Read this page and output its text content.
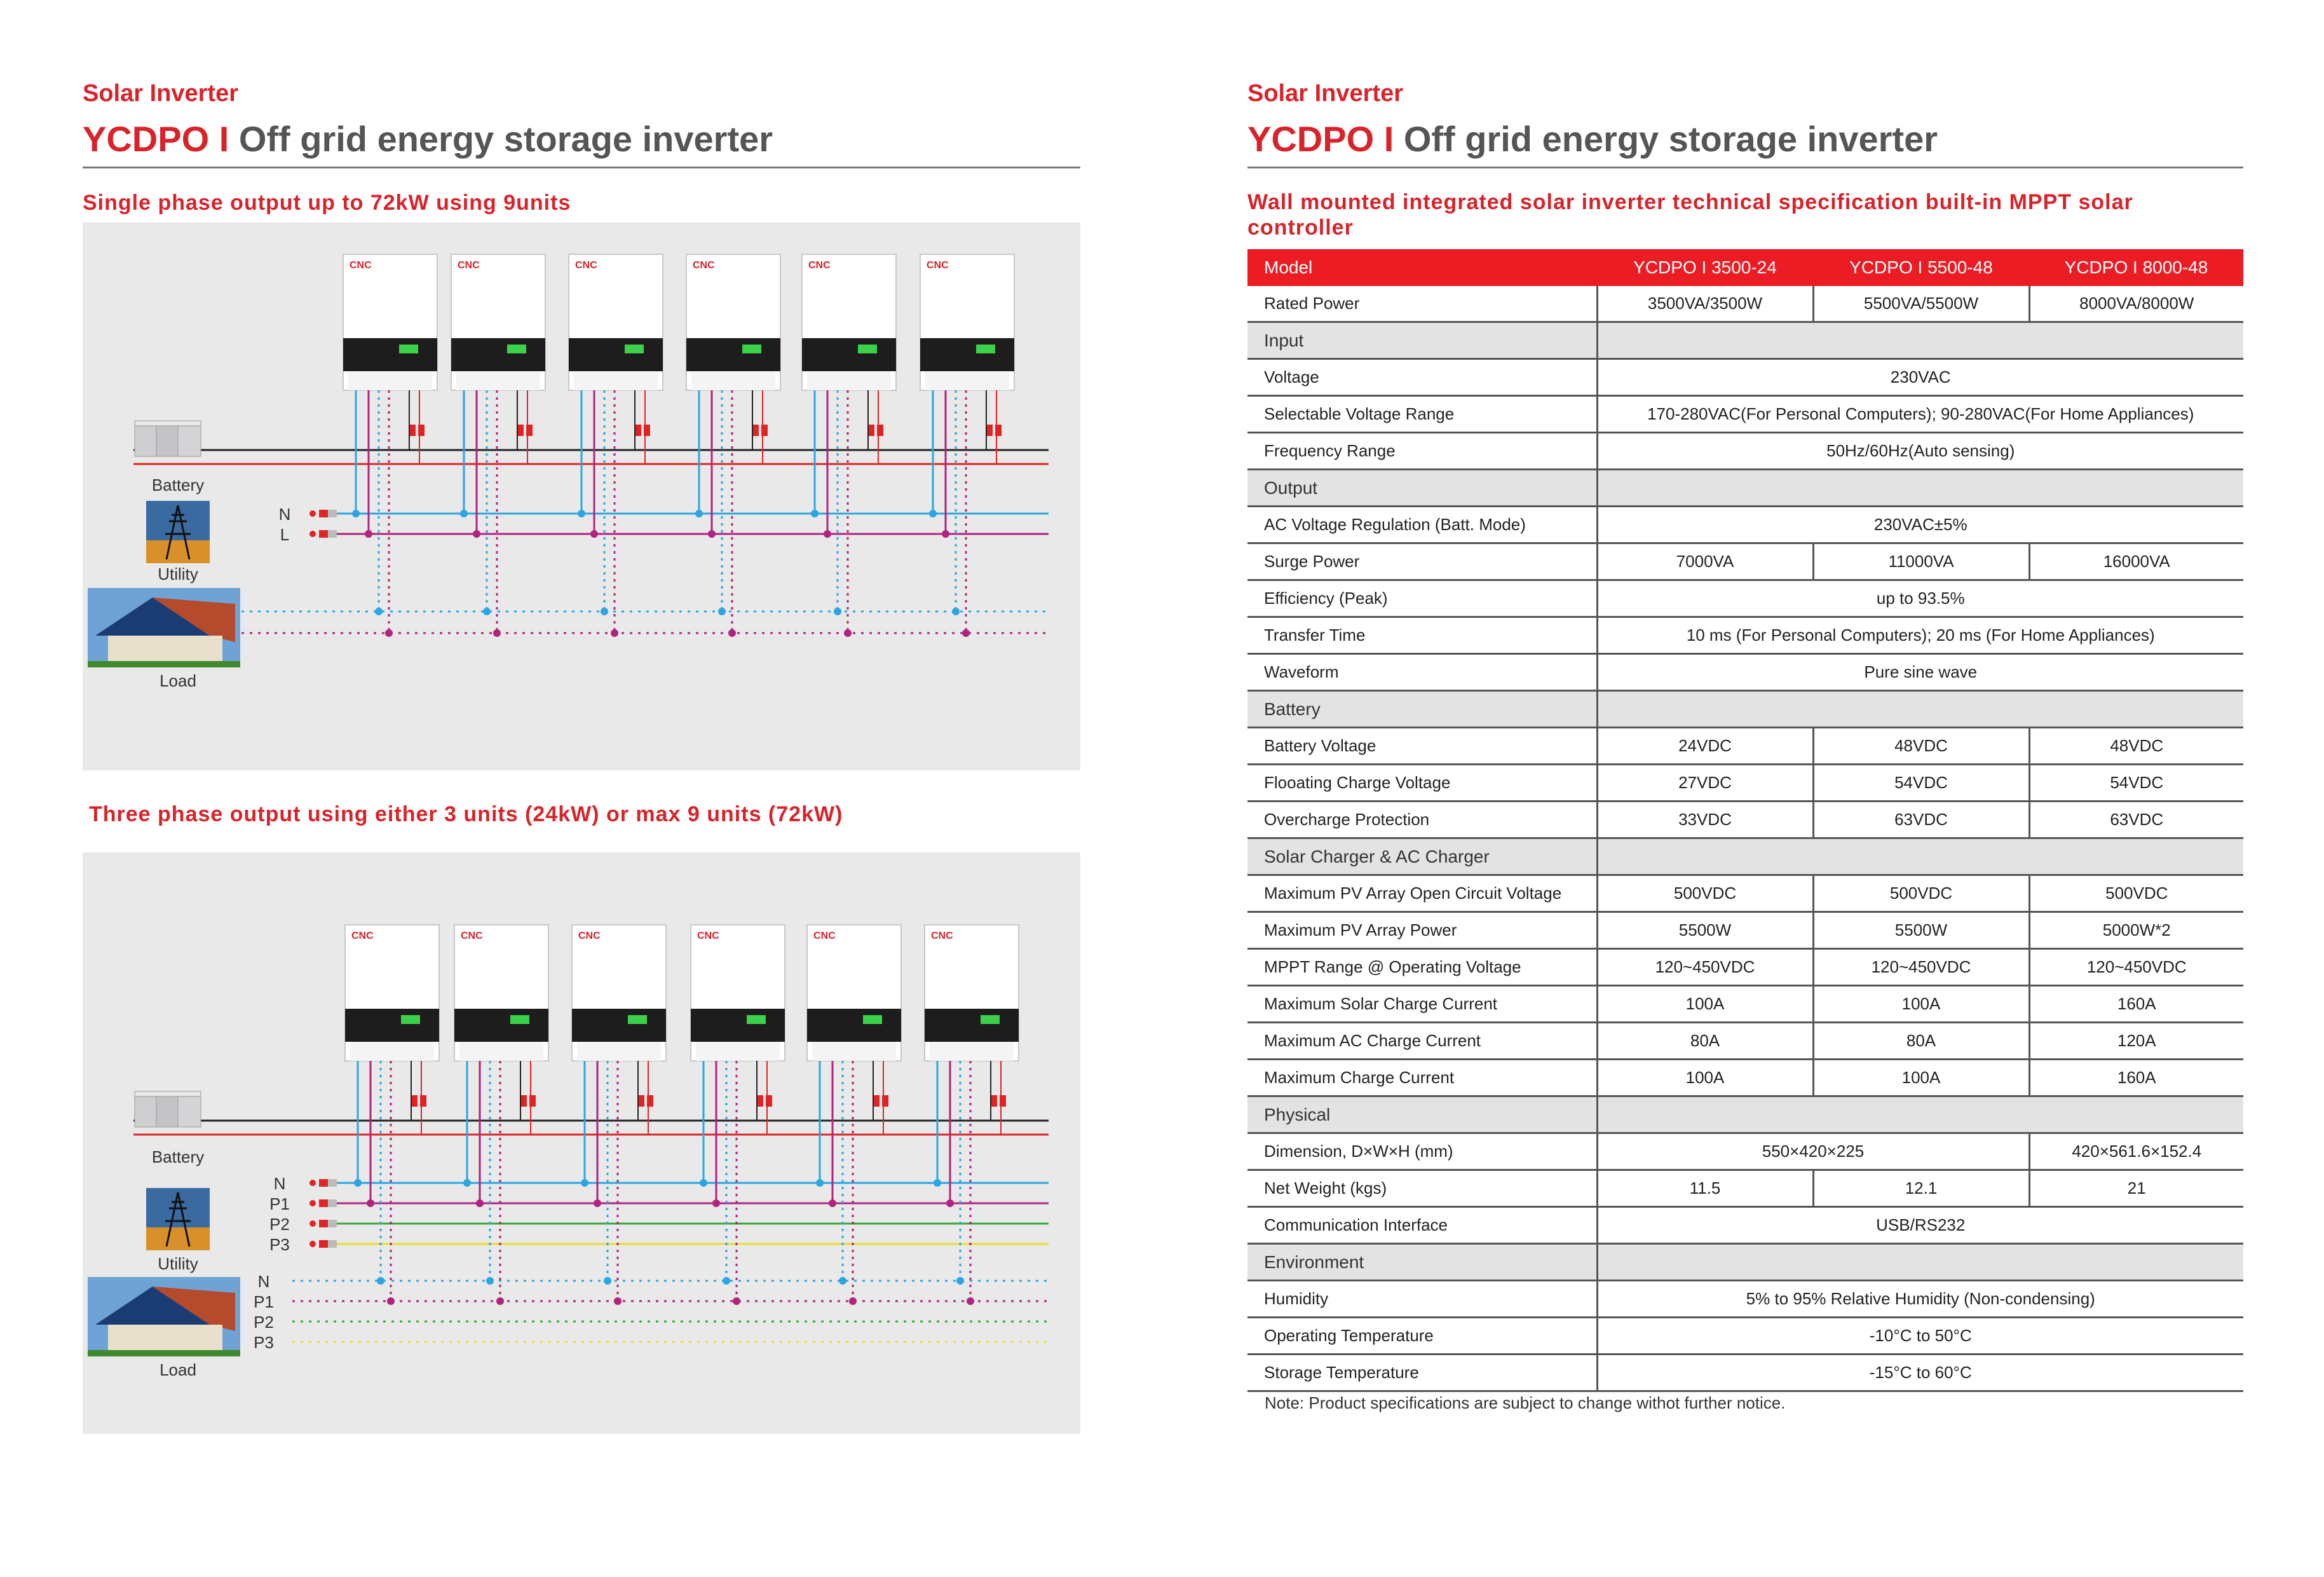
Solar Inverter
YCDPO I Off grid energy storage inverter
Single phase output up to 72kW using 9units
CNC	CNC	CNC	CNC	CNC	CNC
Battery
Utility
N
L
Load
Three phase output using either 3 units (24kW) or max 9 units (72kW)
CNC	CNC	CNC	CNC	CNC	CNC
Battery
Utility
N
P1
P2
P3
Load
N
P1
P2
P3
Solar Inverter
YCDPO I Off grid energy storage inverter
Wall mounted integrated solar inverter technical specification built-in MPPT solar controller
Model	YCDPO I 3500-24	YCDPO I 5500-48	YCDPO I 8000-48
Rated Power	3500VA/3500W	5500VA/5500W	8000VA/8000W
Input			
Voltage	230VAC		
Selectable Voltage Range	170-280VAC(For Personal Computers); 90-280VAC(For Home Appliances)		
Frequency Range	50Hz/60Hz(Auto sensing)		
Output			
AC Voltage Regulation (Batt. Mode)	230VAC±5%		
Surge Power	7000VA	11000VA	16000VA
Efficiency (Peak)	up to 93.5%		
Transfer Time	10 ms (For Personal Computers); 20 ms (For Home Appliances)		
Waveform	Pure sine wave		
Battery			
Battery Voltage	24VDC	48VDC	48VDC
Flooating Charge Voltage	27VDC	54VDC	54VDC
Overcharge Protection	33VDC	63VDC	63VDC
Solar Charger & AC Charger			
Maximum PV Array Open Circuit Voltage	500VDC	500VDC	500VDC
Maximum PV Array Power	5500W	5500W	5000W*2
MPPT Range @ Operating Voltage	120~450VDC	120~450VDC	120~450VDC
Maximum Solar Charge Current	100A	100A	160A
Maximum AC Charge Current	80A	80A	120A
Maximum Charge Current	100A	100A	160A
Physical			
Dimension, D×W×H (mm)	550×420×225		420×561.6×152.4
Net Weight (kgs)	11.5	12.1	21
Communication Interface	USB/RS232		
Environment			
Humidity	5% to 95% Relative Humidity (Non-condensing)		
Operating Temperature	-10°C to 50°C		
Storage Temperature	-15°C to 60°C		
Note: Product specifications are subject to change withot further notice.
